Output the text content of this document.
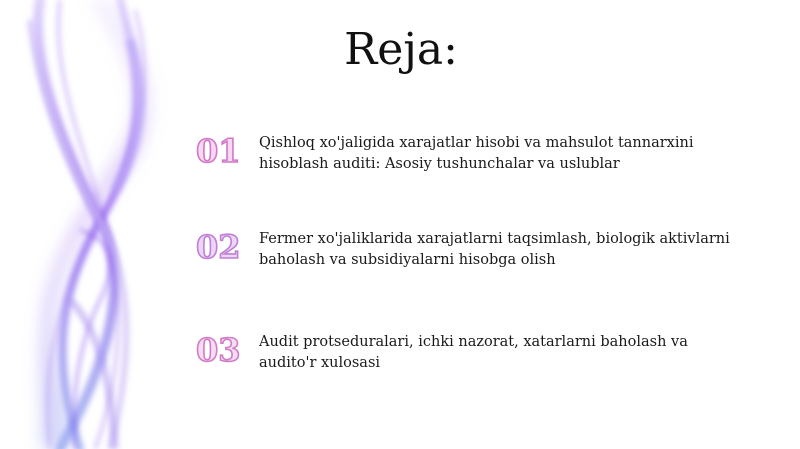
Reja:
01	Qishloq xo'jaligida xarajatlar hisobi va mahsulot tannarxini hisoblash auditi: Asosiy tushunchalar va uslublar
02	Fermer xo'jaliklarida xarajatlarni taqsimlash, biologik aktivlarni baholash va subsidiyalarni hisobga olish
03	Audit protseduralari, ichki nazorat, xatarlarni baholash va audito'r xulosasi
